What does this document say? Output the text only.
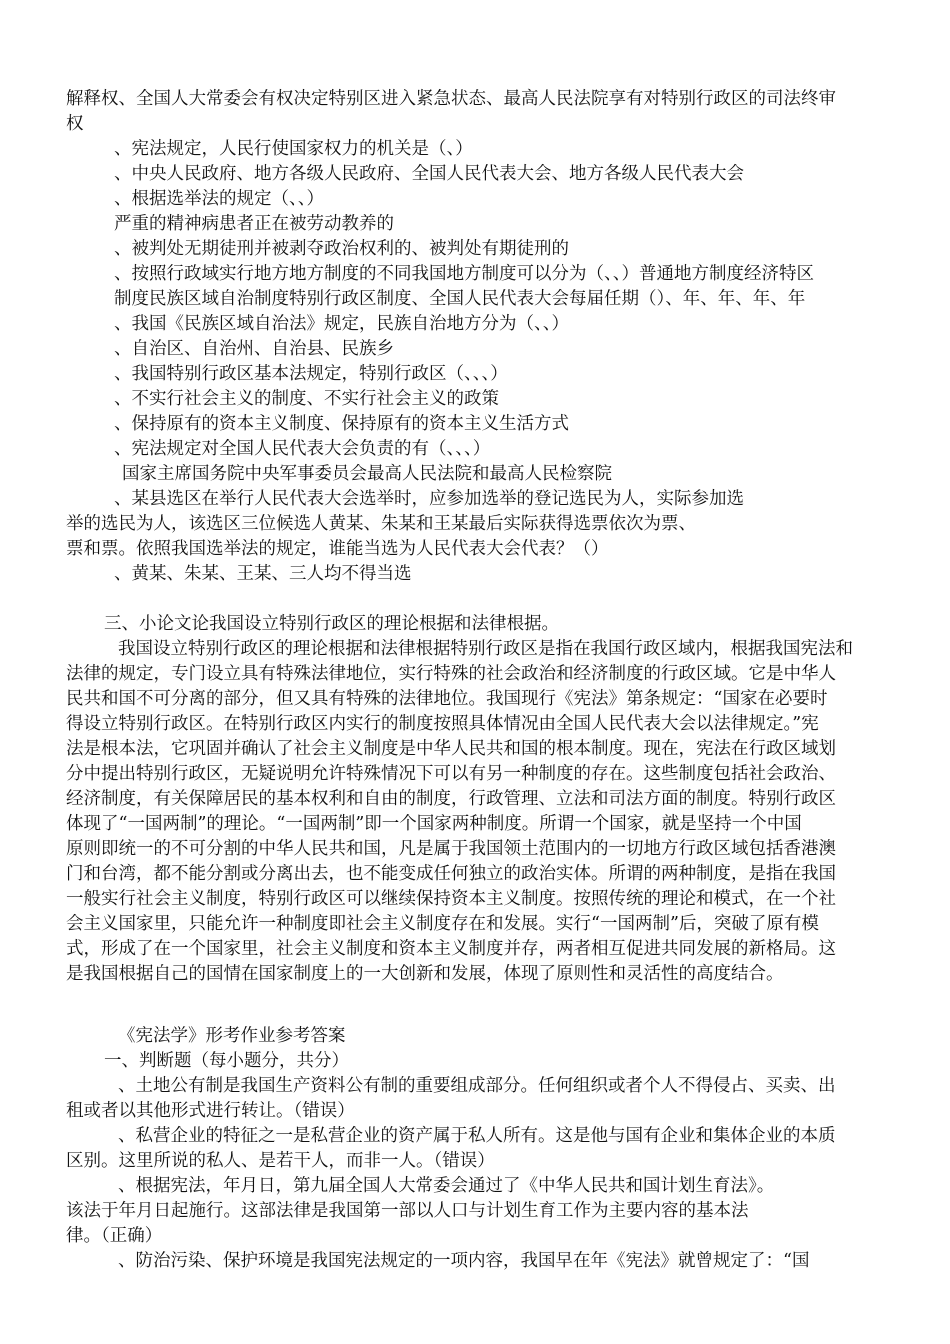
解释权、全国人大常委会有权决定特别区进入紧急状态、最高人民法院享有对特别行政区的司法终审
权
、宪法规定，人民行使国家权力的机关是（、）
、中央人民政府、地方各级人民政府、全国人民代表大会、地方各级人民代表大会
、根据选举法的规定（、、）
严重的精神病患者正在被劳动教养的
、被判处无期徒刑并被剥夺政治权利的、被判处有期徒刑的
、按照行政域实行地方地方制度的不同我国地方制度可以分为（、、）普通地方制度经济特区
制度民族区域自治制度特别行政区制度、全国人民代表大会每届任期（）、年、年、年、年
、我国《民族区域自治法》规定，民族自治地方分为（、、）
、自治区、自治州、自治县、民族乡
、我国特别行政区基本法规定，特别行政区（、、、）
、不实行社会主义的制度、不实行社会主义的政策
、保持原有的资本主义制度、保持原有的资本主义生活方式
、宪法规定对全国人民代表大会负责的有（、、、）
国家主席国务院中央军事委员会最高人民法院和最高人民检察院
、某县选区在举行人民代表大会选举时，应参加选举的登记选民为人，实际参加选
举的选民为人，该选区三位候选人黄某、朱某和王某最后实际获得选票依次为票、
票和票。依照我国选举法的规定，谁能当选为人民代表大会代表？（）
、黄某、朱某、王某、三人均不得当选
三、小论文论我国设立特别行政区的理论根据和法律根据。
我国设立特别行政区的理论根据和法律根据特别行政区是指在我国行政区域内，根据我国宪法和
法律的规定，专门设立具有特殊法律地位，实行特殊的社会政治和经济制度的行政区域。它是中华人
民共和国不可分离的部分，但又具有特殊的法律地位。我国现行《宪法》第条规定：“国家在必要时
得设立特别行政区。在特别行政区内实行的制度按照具体情况由全国人民代表大会以法律规定。”宪
法是根本法，它巩固并确认了社会主义制度是中华人民共和国的根本制度。现在，宪法在行政区域划
分中提出特别行政区，无疑说明允许特殊情况下可以有另一种制度的存在。这些制度包括社会政治、
经济制度，有关保障居民的基本权利和自由的制度，行政管理、立法和司法方面的制度。特别行政区
体现了“一国两制”的理论。“一国两制”即一个国家两种制度。所谓一个国家，就是坚持一个中国
原则即统一的不可分割的中华人民共和国，凡是属于我国领土范围内的一切地方行政区域包括香港澳
门和台湾，都不能分割或分离出去，也不能变成任何独立的政治实体。所谓的两种制度，是指在我国
一般实行社会主义制度，特别行政区可以继续保持资本主义制度。按照传统的理论和模式，在一个社
会主义国家里，只能允许一种制度即社会主义制度存在和发展。实行“一国两制”后，突破了原有模
式，形成了在一个国家里，社会主义制度和资本主义制度并存，两者相互促进共同发展的新格局。这
是我国根据自己的国情在国家制度上的一大创新和发展，体现了原则性和灵活性的高度结合。
《宪法学》形考作业参考答案
一、判断题（每小题分，共分）
、土地公有制是我国生产资料公有制的重要组成部分。任何组织或者个人不得侵占、买卖、出
租或者以其他形式进行转让。（错误）
、私营企业的特征之一是私营企业的资产属于私人所有。这是他与国有企业和集体企业的本质
区别。这里所说的私人、是若干人，而非一人。（错误）
、根据宪法，年月日，第九届全国人大常委会通过了《中华人民共和国计划生育法》。
该法于年月日起施行。这部法律是我国第一部以人口与计划生育工作为主要内容的基本法
律。（正确）
、防治污染、保护环境是我国宪法规定的一项内容，我国早在年《宪法》就曾规定了：“国
